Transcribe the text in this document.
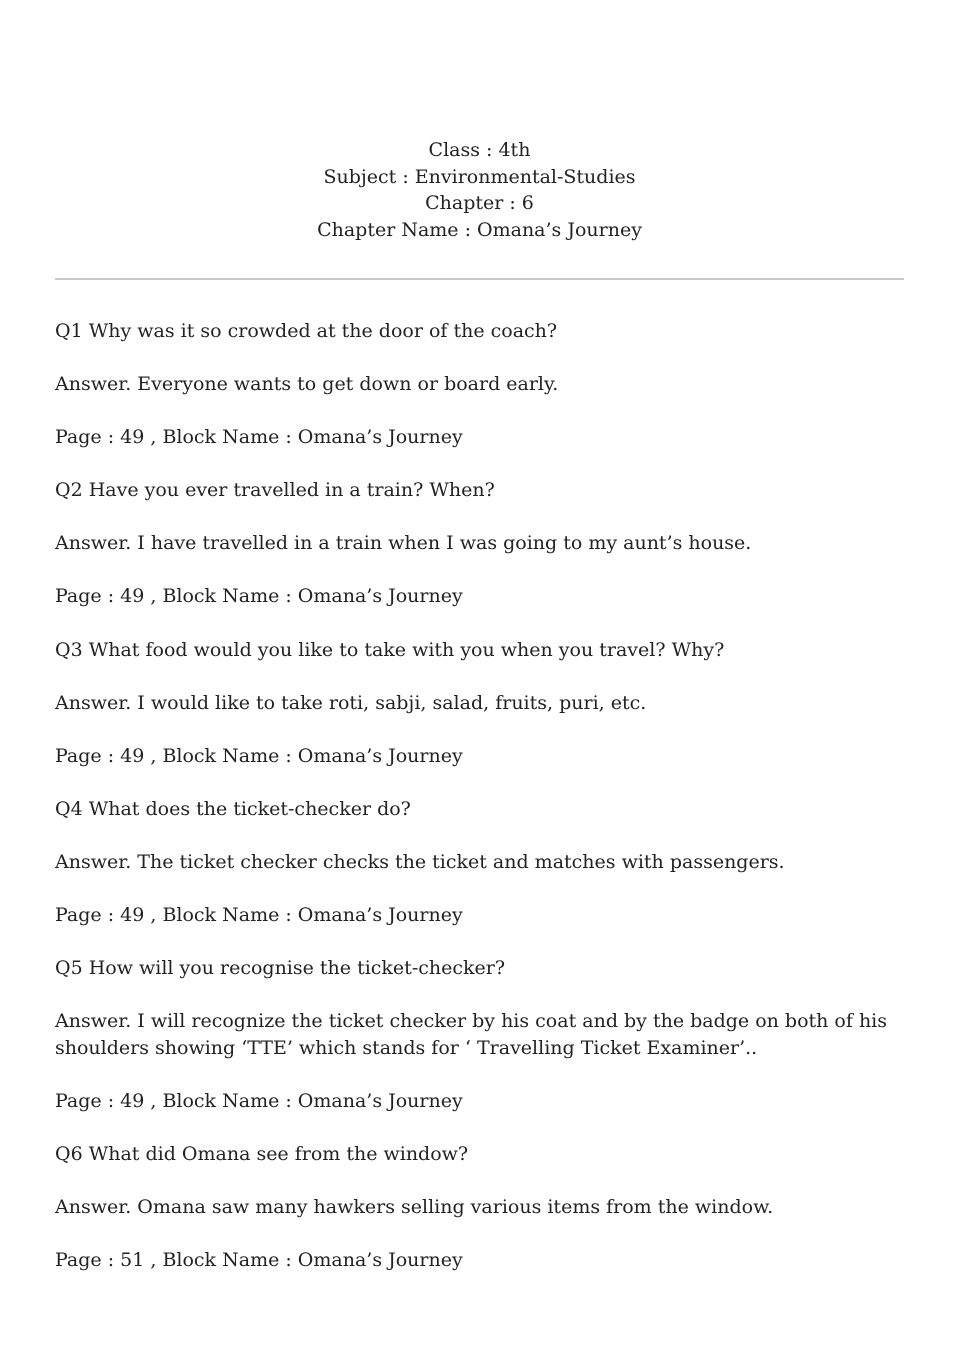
Class : 4th
Subject : Environmental-Studies
Chapter : 6
Chapter Name : Omana’s Journey

Q1 Why was it so crowded at the door of the coach?

Answer. Everyone wants to get down or board early.

Page : 49 , Block Name : Omana’s Journey

Q2 Have you ever travelled in a train? When?

Answer. I have travelled in a train when I was going to my aunt’s house.

Page : 49 , Block Name : Omana’s Journey

Q3 What food would you like to take with you when you travel? Why?

Answer. I would like to take roti, sabji, salad, fruits, puri, etc.

Page : 49 , Block Name : Omana’s Journey

Q4 What does the ticket-checker do?

Answer. The ticket checker checks the ticket and matches with passengers.

Page : 49 , Block Name : Omana’s Journey

Q5 How will you recognise the ticket-checker?

Answer. I will recognize the ticket checker by his coat and by the badge on both of his shoulders showing ‘TTE’ which stands for ‘ Travelling Ticket Examiner’..

Page : 49 , Block Name : Omana’s Journey

Q6 What did Omana see from the window?

Answer. Omana saw many hawkers selling various items from the window.

Page : 51 , Block Name : Omana’s Journey
